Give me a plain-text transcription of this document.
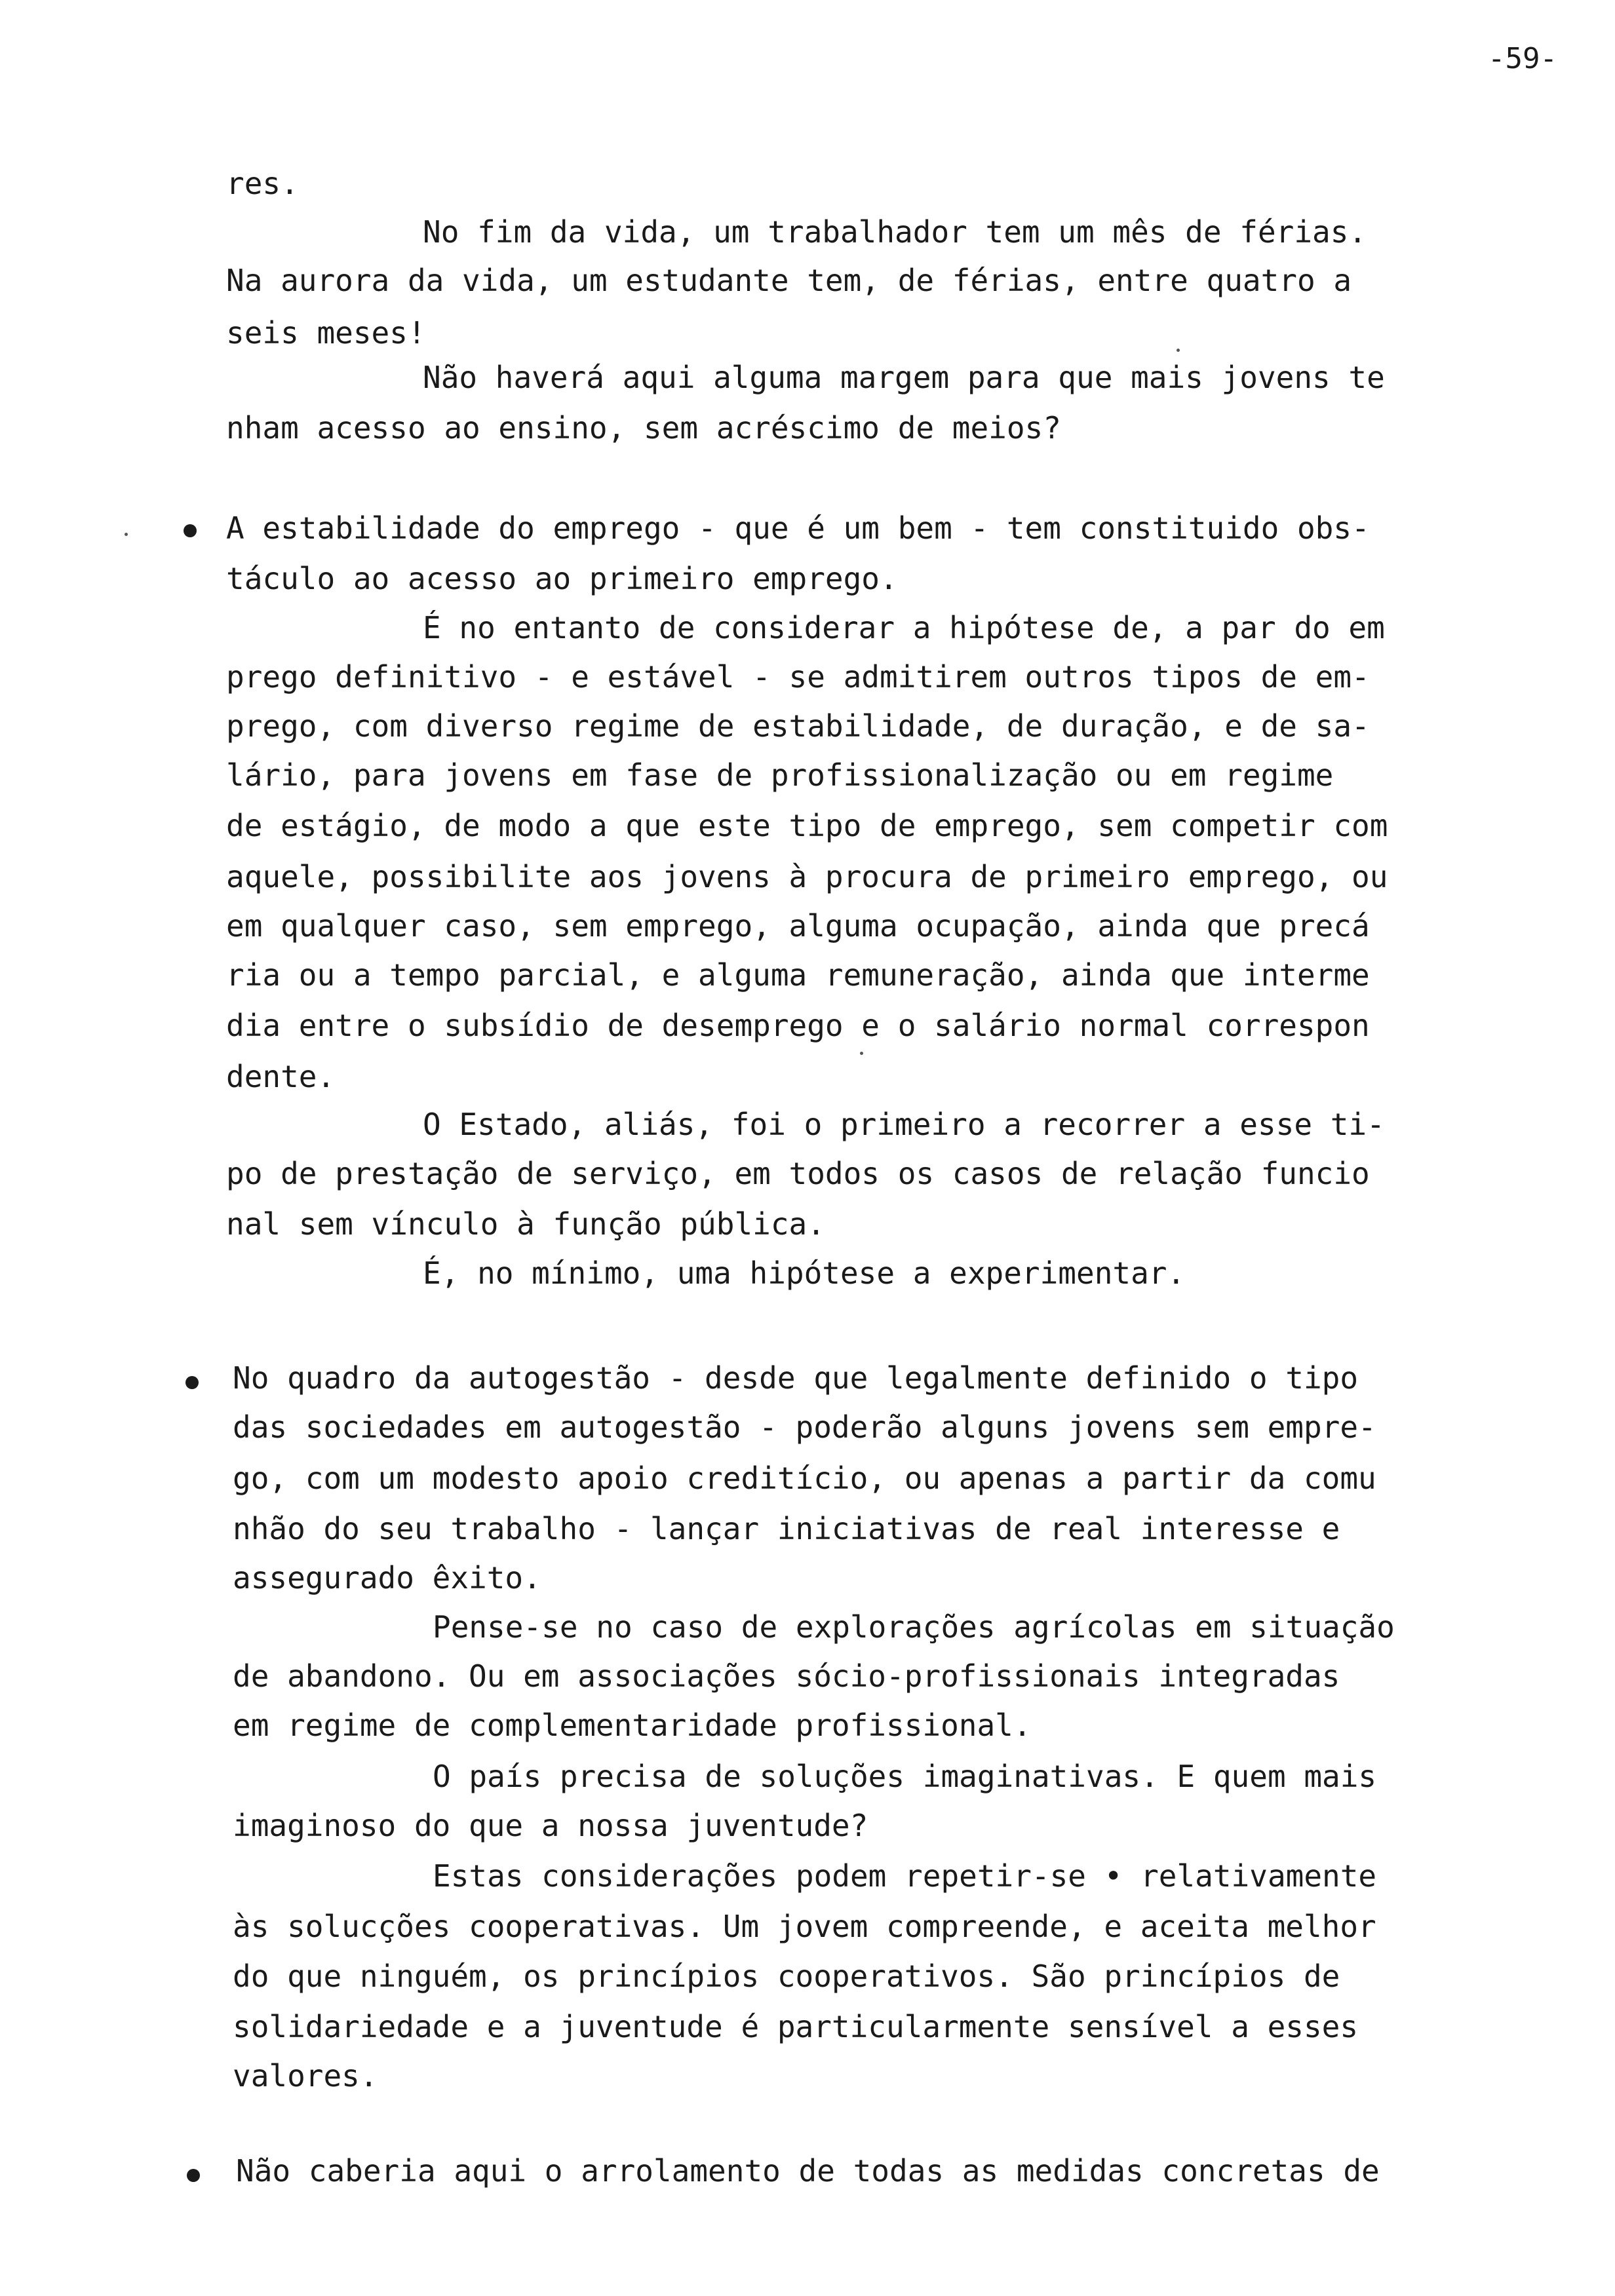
-59-
res.
No fim da vida, um trabalhador tem um mês de férias.
Na aurora da vida, um estudante tem, de férias, entre quatro a
seis meses!
Não haverá aqui alguma margem para que mais jovens te
nham acesso ao ensino, sem acréscimo de meios?
A estabilidade do emprego - que é um bem - tem constituido obs-
táculo ao acesso ao primeiro emprego.
É no entanto de considerar a hipótese de, a par do em
prego definitivo - e estável - se admitirem outros tipos de em-
prego, com diverso regime de estabilidade, de duração, e de sa-
lário, para jovens em fase de profissionalização ou em regime
de estágio, de modo a que este tipo de emprego, sem competir com
aquele, possibilite aos jovens à procura de primeiro emprego, ou
em qualquer caso, sem emprego, alguma ocupação, ainda que precá
ria ou a tempo parcial, e alguma remuneração, ainda que interme
dia entre o subsídio de desemprego e o salário normal correspon
dente.
O Estado, aliás, foi o primeiro a recorrer a esse ti-
po de prestação de serviço, em todos os casos de relação funcio
nal sem vínculo à função pública.
É, no mínimo, uma hipótese a experimentar.
No quadro da autogestão - desde que legalmente definido o tipo
das sociedades em autogestão - poderão alguns jovens sem empre-
go, com um modesto apoio creditício, ou apenas a partir da comu
nhão do seu trabalho - lançar iniciativas de real interesse e
assegurado êxito.
Pense-se no caso de explorações agrícolas em situação
de abandono. Ou em associações sócio-profissionais integradas
em regime de complementaridade profissional.
O país precisa de soluções imaginativas. E quem mais
imaginoso do que a nossa juventude?
Estas considerações podem repetir-se • relativamente
às solucções cooperativas. Um jovem compreende, e aceita melhor
do que ninguém, os princípios cooperativos. São princípios de
solidariedade e a juventude é particularmente sensível a esses
valores.
Não caberia aqui o arrolamento de todas as medidas concretas de
